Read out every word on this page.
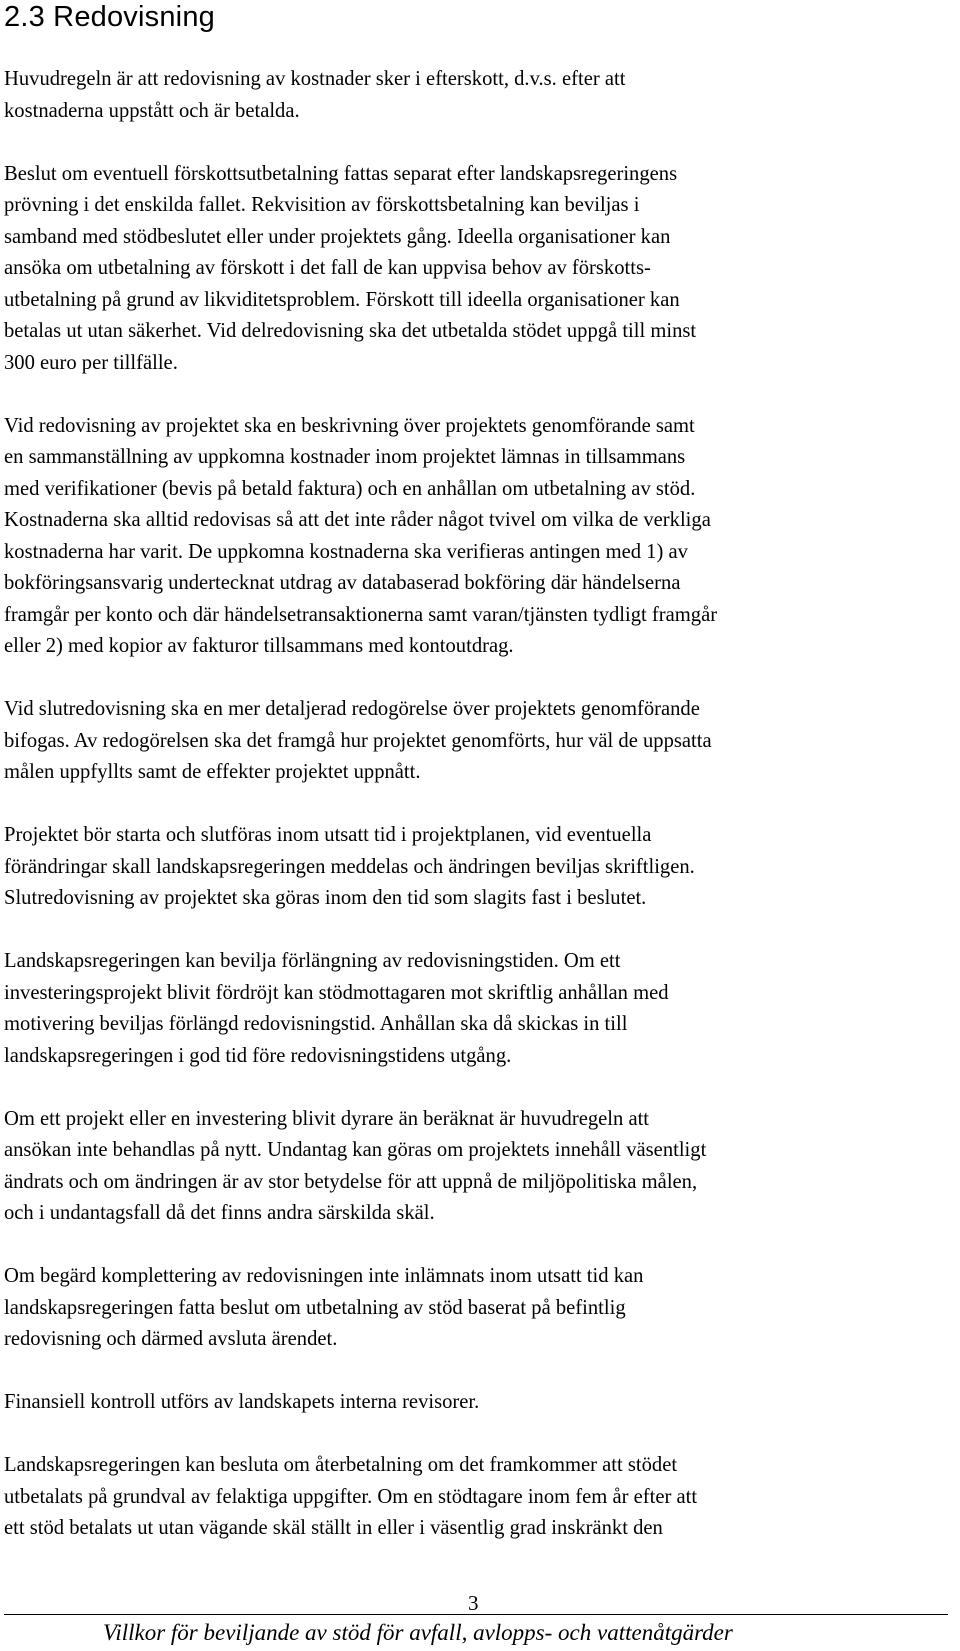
2.3 Redovisning

Huvudregeln är att redovisning av kostnader sker i efterskott, d.v.s. efter att
kostnaderna uppstått och är betalda.

Beslut om eventuell förskottsutbetalning fattas separat efter landskapsregeringens
prövning i det enskilda fallet. Rekvisition av förskottsbetalning kan beviljas i
samband med stödbeslutet eller under projektets gång. Ideella organisationer kan
ansöka om utbetalning av förskott i det fall de kan uppvisa behov av förskotts-
utbetalning på grund av likviditetsproblem. Förskott till ideella organisationer kan
betalas ut utan säkerhet. Vid delredovisning ska det utbetalda stödet uppgå till minst
300 euro per tillfälle.

Vid redovisning av projektet ska en beskrivning över projektets genomförande samt
en sammanställning av uppkomna kostnader inom projektet lämnas in tillsammans
med verifikationer (bevis på betald faktura) och en anhållan om utbetalning av stöd.
Kostnaderna ska alltid redovisas så att det inte råder något tvivel om vilka de verkliga
kostnaderna har varit. De uppkomna kostnaderna ska verifieras antingen med 1) av
bokföringsansvarig undertecknat utdrag av databaserad bokföring där händelserna
framgår per konto och där händelsetransaktionerna samt varan/tjänsten tydligt framgår
eller 2) med kopior av fakturor tillsammans med kontoutdrag.

Vid slutredovisning ska en mer detaljerad redogörelse över projektets genomförande
bifogas. Av redogörelsen ska det framgå hur projektet genomförts, hur väl de uppsatta
målen uppfyllts samt de effekter projektet uppnått.

Projektet bör starta och slutföras inom utsatt tid i projektplanen, vid eventuella
förändringar skall landskapsregeringen meddelas och ändringen beviljas skriftligen.
Slutredovisning av projektet ska göras inom den tid som slagits fast i beslutet.

Landskapsregeringen kan bevilja förlängning av redovisningstiden. Om ett
investeringsprojekt blivit fördröjt kan stödmottagaren mot skriftlig anhållan med
motivering beviljas förlängd redovisningstid. Anhållan ska då skickas in till
landskapsregeringen i god tid före redovisningstidens utgång.

Om ett projekt eller en investering blivit dyrare än beräknat är huvudregeln att
ansökan inte behandlas på nytt. Undantag kan göras om projektets innehåll väsentligt
ändrats och om ändringen är av stor betydelse för att uppnå de miljöpolitiska målen,
och i undantagsfall då det finns andra särskilda skäl.

Om begärd komplettering av redovisningen inte inlämnats inom utsatt tid kan
landskapsregeringen fatta beslut om utbetalning av stöd baserat på befintlig
redovisning och därmed avsluta ärendet.

Finansiell kontroll utförs av landskapets interna revisorer.

Landskapsregeringen kan besluta om återbetalning om det framkommer att stödet
utbetalats på grundval av felaktiga uppgifter. Om en stödtagare inom fem år efter att
ett stöd betalats ut utan vägande skäl ställt in eller i väsentlig grad inskränkt den

3
Villkor för beviljande av stöd för avfall, avlopps- och vattenåtgärder
